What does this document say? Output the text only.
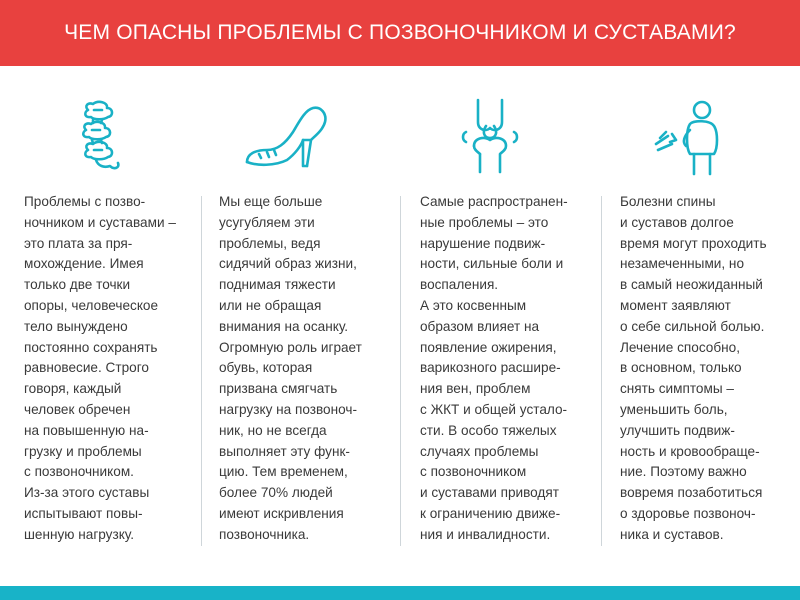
ЧЕМ ОПАСНЫ ПРОБЛЕМЫ С ПОЗВОНОЧНИКОМ И СУСТАВАМИ?
Проблемы с позво-
ночником и суставами –
это плата за пря-
мохождение. Имея
только две точки
опоры, человеческое
тело вынуждено
постоянно сохранять
равновесие. Строго
говоря, каждый
человек обречен
на повышенную на-
грузку и проблемы
с позвоночником.
Из-за этого суставы
испытывают повы-
шенную нагрузку.
Мы еще больше
усугубляем эти
проблемы, ведя
сидячий образ жизни,
поднимая тяжести
или не обращая
внимания на осанку.
Огромную роль играет
обувь, которая
призвана смягчать
нагрузку на позвоноч-
ник, но не всегда
выполняет эту функ-
цию. Тем временем,
более 70% людей
имеют искривления
позвоночника.
Самые распространен-
ные проблемы – это
нарушение подвиж-
ности, сильные боли и
воспаления.
А это косвенным
образом влияет на
появление ожирения,
варикозного расшире-
ния вен, проблем
с ЖКТ и общей устало-
сти. В особо тяжелых
случаях проблемы
с позвоночником
и суставами приводят
к ограничению движе-
ния и инвалидности.
Болезни спины
и суставов долгое
время могут проходить
незамеченными, но
в самый неожиданный
момент заявляют
о себе сильной болью.
Лечение способно,
в основном, только
снять симптомы –
уменьшить боль,
улучшить подвиж-
ность и кровообраще-
ние. Поэтому важно
вовремя позаботиться
о здоровье позвоноч-
ника и суставов.
